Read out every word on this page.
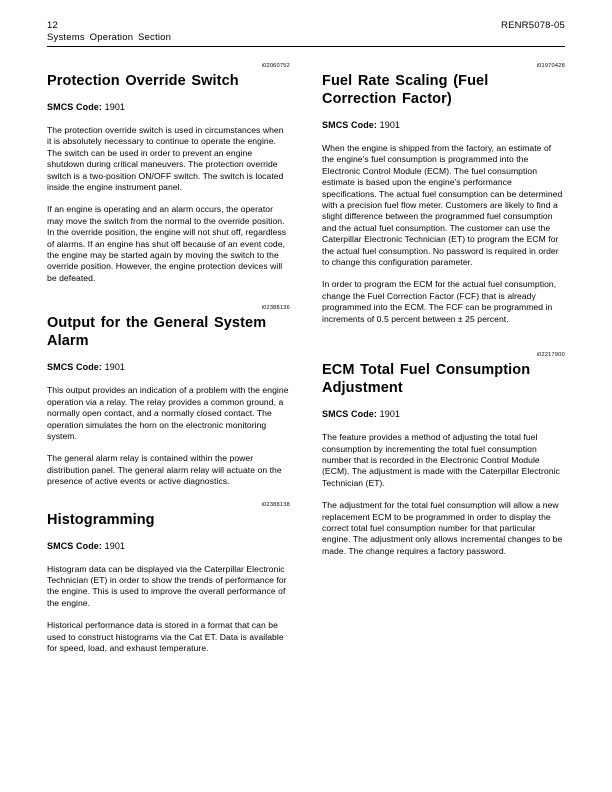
12
Systems Operation Section
RENR5078-05
i02060752
Protection Override Switch

SMCS Code: 1901

The protection override switch is used in circumstances when it is absolutely necessary to continue to operate the engine. The switch can be used in order to prevent an engine shutdown during critical maneuvers. The protection override switch is a two-position ON/OFF switch. The switch is located inside the engine instrument panel.

If an engine is operating and an alarm occurs, the operator may move the switch from the normal to the override position. In the override position, the engine will not shut off, regardless of alarms. If an engine has shut off because of an event code, the engine may be started again by moving the switch to the override position. However, the engine protection devices will be defeated.

i02388136
Output for the General System Alarm

SMCS Code: 1901

This output provides an indication of a problem with the engine operation via a relay. The relay provides a common ground, a normally open contact, and a normally closed contact. The operation simulates the horn on the electronic monitoring system.

The general alarm relay is contained within the power distribution panel. The general alarm relay will actuate on the presence of active events or active diagnostics.

i02388138
Histogramming

SMCS Code: 1901

Histogram data can be displayed via the Caterpillar Electronic Technician (ET) in order to show the trends of performance for the engine. This is used to improve the overall performance of the engine.

Historical performance data is stored in a format that can be used to construct histograms via the Cat ET. Data is available for speed, load, and exhaust temperature.

i01970428
Fuel Rate Scaling (Fuel Correction Factor)

SMCS Code: 1901

When the engine is shipped from the factory, an estimate of the engine's fuel consumption is programmed into the Electronic Control Module (ECM). The fuel consumption estimate is based upon the engine's performance specifications. The actual fuel consumption can be determined with a precision fuel flow meter. Customers are likely to find a slight difference between the programmed fuel consumption and the actual fuel consumption. The customer can use the Caterpillar Electronic Technician (ET) to program the ECM for the actual fuel consumption. No password is required in order to change this configuration parameter.

In order to program the ECM for the actual fuel consumption, change the Fuel Correction Factor (FCF) that is already programmed into the ECM. The FCF can be programmed in increments of 0.5 percent between ± 25 percent.

i02217900
ECM Total Fuel Consumption Adjustment

SMCS Code: 1901

The feature provides a method of adjusting the total fuel consumption by incrementing the total fuel consumption number that is recorded in the Electronic Control Module (ECM). The adjustment is made with the Caterpillar Electronic Technician (ET).

The adjustment for the total fuel consumption will allow a new replacement ECM to be programmed in order to display the correct total fuel consumption number for that particular engine. The adjustment only allows incremental changes to be made. The change requires a factory password.
